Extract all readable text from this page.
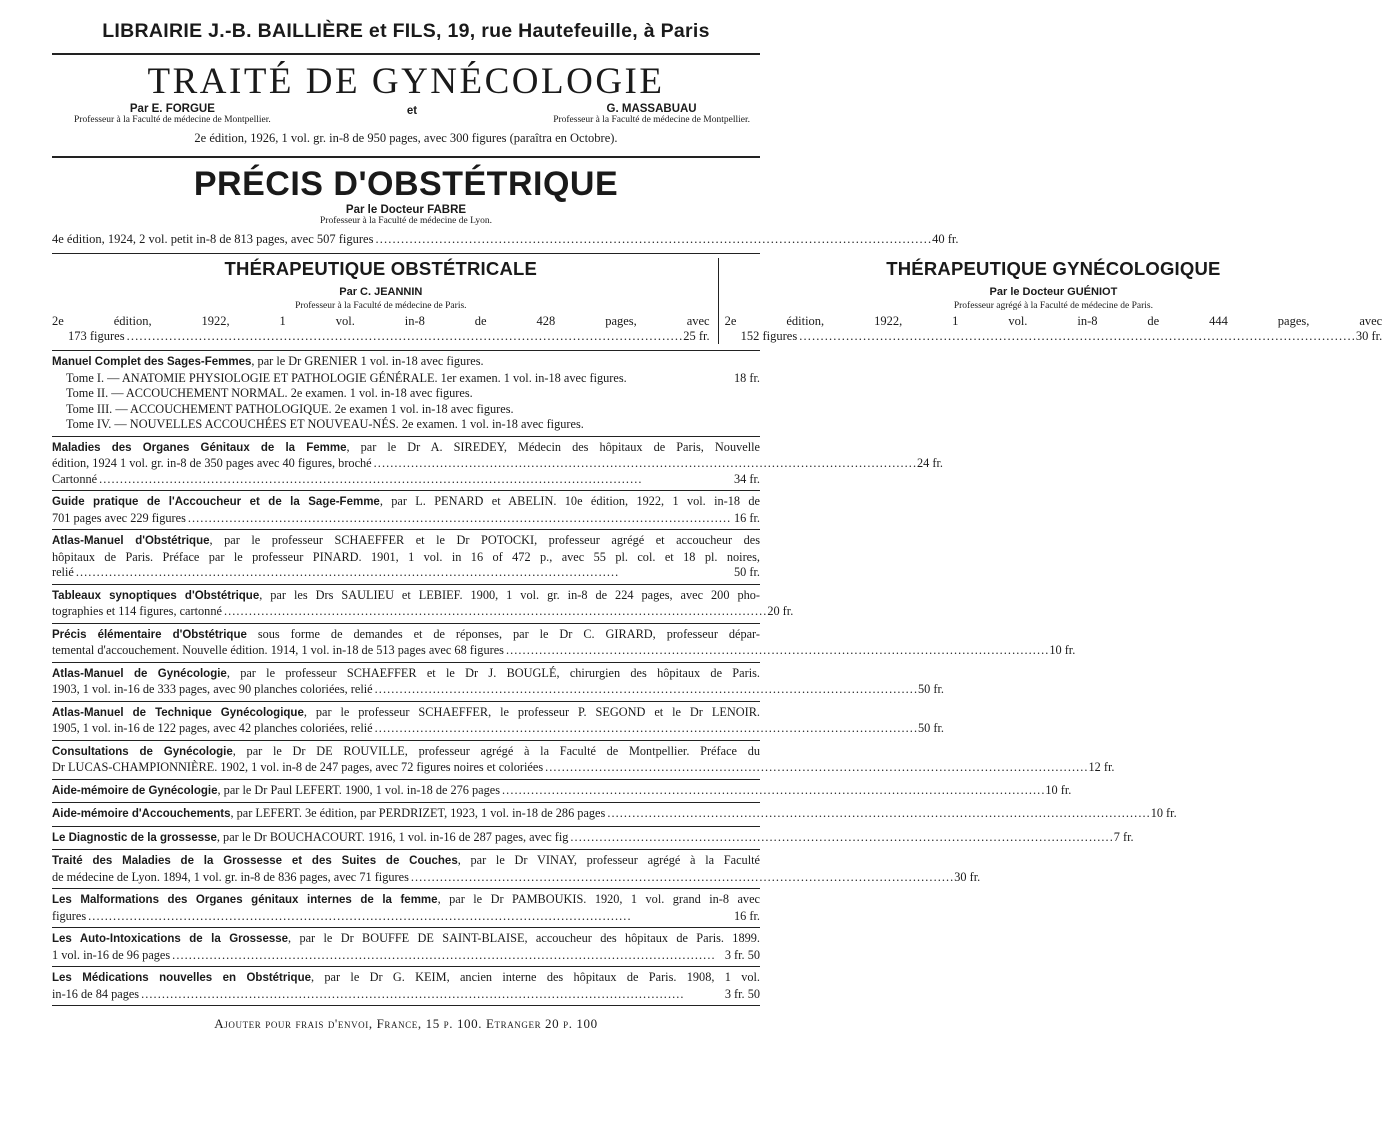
LIBRAIRIE J.-B. BAILLIÈRE et FILS, 19, rue Hautefeuille, à Paris
TRAITÉ DE GYNÉCOLOGIE
Par E. FORGUE
Professeur à la Faculté de médecine de Montpellier.
et	G. MASSABUAU
Professeur à la Faculté de médecine de Montpellier.
2e édition, 1926, 1 vol. gr. in-8 de 950 pages, avec 300 figures (paraîtra en Octobre).
PRÉCIS D'OBSTÉTRIQUE
Par le Docteur FABRE
Professeur à la Faculté de médecine de Lyon.
4e édition, 1924, 2 vol. petit in-8 de 813 pages, avec 507 figures . . .	40 fr.
THÉRAPEUTIQUE OBSTÉTRICALE
Par C. JEANNIN
Professeur à la Faculté de médecine de Paris.
2e édition, 1922, 1 vol. in-8 de 428 pages, avec
173 figures . . .	25 fr.
THÉRAPEUTIQUE GYNÉCOLOGIQUE
Par le Docteur GUÉNIOT
Professeur agrégé à la Faculté de médecine de Paris.
2e édition, 1922, 1 vol. in-8 de 444 pages, avec
152 figures . . .	30 fr.
Manuel Complet des Sages-Femmes, par le Dr GRENIER 1 vol. in-18 avec figures.
Tome I. — ANATOMIE PHYSIOLOGIE ET PATHOLOGIE GÉNÉRALE. 1er examen. 1 vol. in-18 avec figures.	18 fr.
Tome II. — ACCOUCHEMENT NORMAL. 2e examen. 1 vol. in-18 avec figures.
Tome III. — ACCOUCHEMENT PATHOLOGIQUE. 2e examen 1 vol. in-18 avec figures.
Tome IV. — NOUVELLES ACCOUCHÉES ET NOUVEAU-NÉS. 2e examen. 1 vol. in-18 avec figures.
Maladies des Organes Génitaux de la Femme, par le Dr A. SIREDEY, Médecin des hôpitaux de Paris, Nouvelle
édition, 1924 1 vol. gr. in-8 de 350 pages avec 40 figures, broché . . .	24 fr.
Cartonné . . .	34 fr.
Guide pratique de l'Accoucheur et de la Sage-Femme, par L. PENARD et ABELIN. 10e édition, 1922, 1 vol. in-18 de
701 pages avec 229 figures . . .	16 fr.
Atlas-Manuel d'Obstétrique, par le professeur SCHAEFFER et le Dr POTOCKI, professeur agrégé et accoucheur des
hôpitaux de Paris. Préface par le professeur PINARD. 1901, 1 vol. in 16 of 472 p., avec 55 pl. col. et 18 pl. noires,
relié . . .	50 fr.
Tableaux synoptiques d'Obstétrique, par les Drs SAULIEU et LEBIEF. 1900, 1 vol. gr. in-8 de 224 pages, avec 200 pho-
tographies et 114 figures, cartonné . . .	20 fr.
Précis élémentaire d'Obstétrique sous forme de demandes et de réponses, par le Dr C. GIRARD, professeur dépar-
temental d'accouchement. Nouvelle édition. 1914, 1 vol. in-18 de 513 pages avec 68 figures . . .	10 fr.
Atlas-Manuel de Gynécologie, par le professeur SCHAEFFER et le Dr J. BOUGLÉ, chirurgien des hôpitaux de Paris.
1903, 1 vol. in-16 de 333 pages, avec 90 planches coloriées, relié . . .	50 fr.
Atlas-Manuel de Technique Gynécologique, par le professeur SCHAEFFER, le professeur P. SEGOND et le Dr LENOIR.
1905, 1 vol. in-16 de 122 pages, avec 42 planches coloriées, relié . . .	50 fr.
Consultations de Gynécologie, par le Dr DE ROUVILLE, professeur agrégé à la Faculté de Montpellier. Préface du
Dr LUCAS-CHAMPIONNIÈRE. 1902, 1 vol. in-8 de 247 pages, avec 72 figures noires et coloriées . . .	12 fr.
Aide-mémoire de Gynécologie, par le Dr Paul LEFERT. 1900, 1 vol. in-18 de 276 pages . . .	10 fr.
Aide-mémoire d'Accouchements, par LEFERT. 3e édition, par PERDRIZET, 1923, 1 vol. in-18 de 286 pages . . .	10 fr.
Le Diagnostic de la grossesse, par le Dr BOUCHACOURT. 1916, 1 vol. in-16 de 287 pages, avec fig . . .	7 fr.
Traité des Maladies de la Grossesse et des Suites de Couches, par le Dr VINAY, professeur agrégé à la Faculté
de médecine de Lyon. 1894, 1 vol. gr. in-8 de 836 pages, avec 71 figures . . .	30 fr.
Les Malformations des Organes génitaux internes de la femme, par le Dr PAMBOUKIS. 1920, 1 vol. grand in-8 avec
figures . . .	16 fr.
Les Auto-Intoxications de la Grossesse, par le Dr BOUFFE DE SAINT-BLAISE, accoucheur des hôpitaux de Paris. 1899.
1 vol. in-16 de 96 pages . . .	3 fr. 50
Les Médications nouvelles en Obstétrique, par le Dr G. KEIM, ancien interne des hôpitaux de Paris. 1908, 1 vol.
in-16 de 84 pages . . .	3 fr. 50
Ajouter pour frais d'envoi, France, 15 p. 100. Etranger 20 p. 100
